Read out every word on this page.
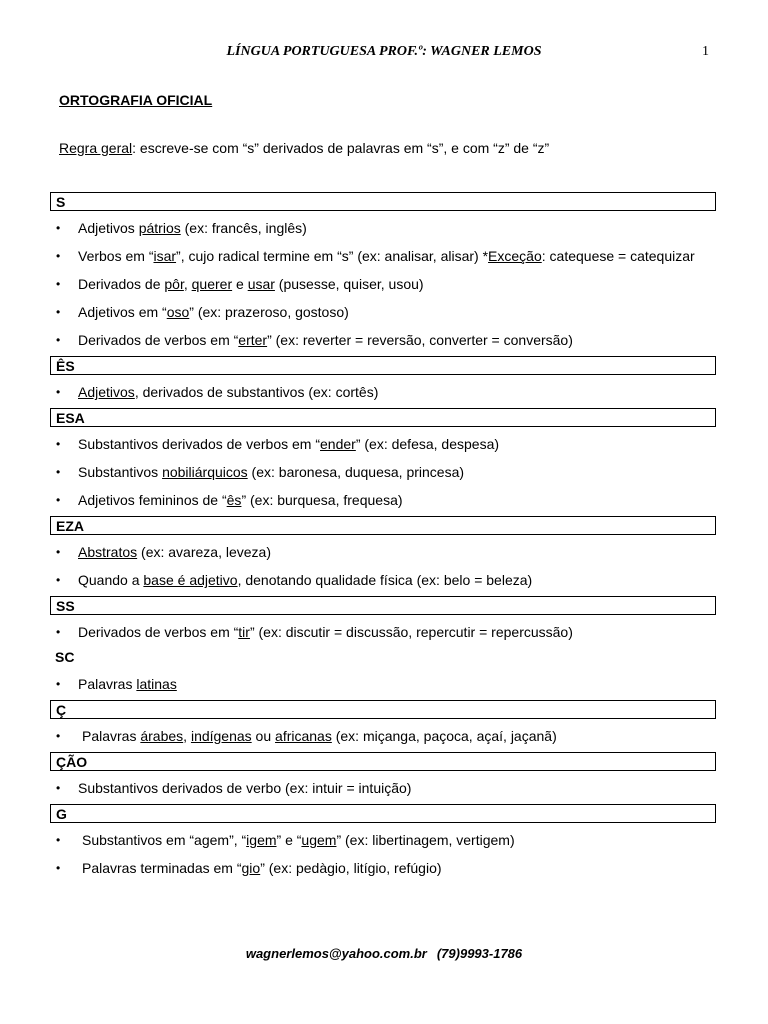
LÍNGUA PORTUGUESA PROF.º: WAGNER LEMOS	1
ORTOGRAFIA OFICIAL
Regra geral: escreve-se com “s” derivados de palavras em “s”, e com “z” de “z”
S
• Adjetivos pátrios (ex: francês, inglês)
• Verbos em “isar”, cujo radical termine em “s” (ex: analisar, alisar) *Exceção: catequese = catequizar
• Derivados de pôr, querer e usar (pusesse, quiser, usou)
• Adjetivos em “oso” (ex: prazeroso, gostoso)
• Derivados de verbos em “erter” (ex: reverter = reversão, converter = conversão)
ÊS
• Adjetivos, derivados de substantivos (ex: cortês)
ESA
• Substantivos derivados de verbos em “ender” (ex: defesa, despesa)
• Substantivos nobiliárquicos (ex: baronesa, duquesa, princesa)
• Adjetivos femininos de “ês” (ex: burquesa, frequesa)
EZA
• Abstratos (ex: avareza, leveza)
• Quando a base é adjetivo, denotando qualidade física (ex: belo = beleza)
SS
• Derivados de verbos em “tir” (ex: discutir = discussão, repercutir = repercussão)
SC
• Palavras latinas
Ç
• Palavras árabes, indígenas ou africanas (ex: miçanga, paçoca, açaí, jaçanã)
ÇÃO
• Substantivos derivados de verbo (ex: intuir = intuição)
G
• Substantivos em “agem”, “igem” e “ugem” (ex: libertinagem, vertigem)
• Palavras terminadas em “gio” (ex: pedàgio, litígio, refúgio)
wagnerlemos@yahoo.com.br (79)9993-1786
